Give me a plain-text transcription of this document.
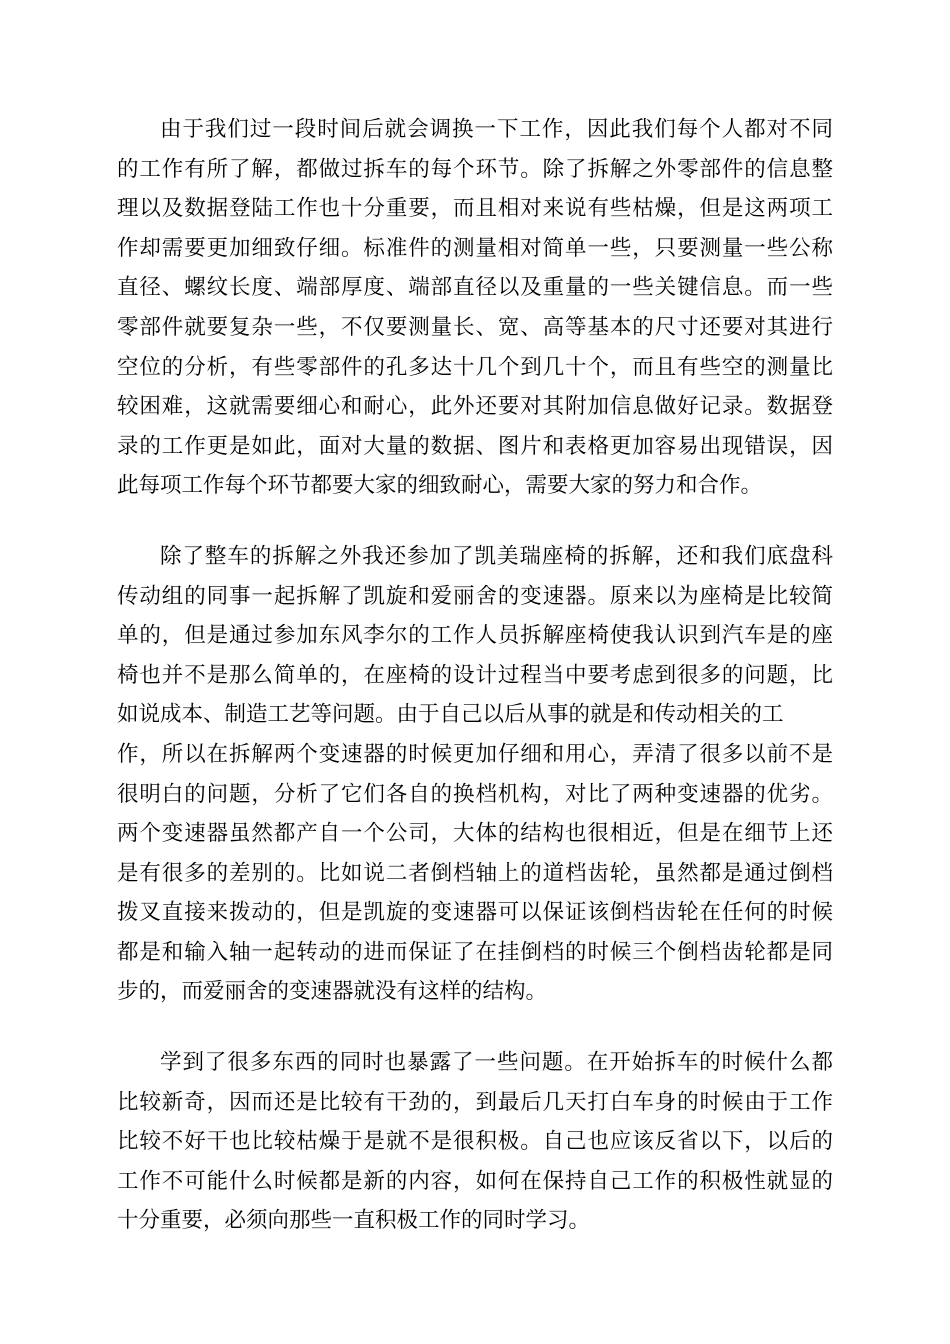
由于我们过一段时间后就会调换一下工作，因此我们每个人都对不同
的工作有所了解，都做过拆车的每个环节。除了拆解之外零部件的信息整
理以及数据登陆工作也十分重要，而且相对来说有些枯燥，但是这两项工
作却需要更加细致仔细。标准件的测量相对简单一些，只要测量一些公称
直径、螺纹长度、端部厚度、端部直径以及重量的一些关键信息。而一些
零部件就要复杂一些，不仅要测量长、宽、高等基本的尺寸还要对其进行
空位的分析，有些零部件的孔多达十几个到几十个，而且有些空的测量比
较困难，这就需要细心和耐心，此外还要对其附加信息做好记录。数据登
录的工作更是如此，面对大量的数据、图片和表格更加容易出现错误，因
此每项工作每个环节都要大家的细致耐心，需要大家的努力和合作。
除了整车的拆解之外我还参加了凯美瑞座椅的拆解，还和我们底盘科
传动组的同事一起拆解了凯旋和爱丽舍的变速器。原来以为座椅是比较简
单的，但是通过参加东风李尔的工作人员拆解座椅使我认识到汽车是的座
椅也并不是那么简单的，在座椅的设计过程当中要考虑到很多的问题，比
如说成本、制造工艺等问题。由于自己以后从事的就是和传动相关的工
作，所以在拆解两个变速器的时候更加仔细和用心，弄清了很多以前不是
很明白的问题，分析了它们各自的换档机构，对比了两种变速器的优劣。
两个变速器虽然都产自一个公司，大体的结构也很相近，但是在细节上还
是有很多的差别的。比如说二者倒档轴上的道档齿轮，虽然都是通过倒档
拨叉直接来拨动的，但是凯旋的变速器可以保证该倒档齿轮在任何的时候
都是和输入轴一起转动的进而保证了在挂倒档的时候三个倒档齿轮都是同
步的，而爱丽舍的变速器就没有这样的结构。
学到了很多东西的同时也暴露了一些问题。在开始拆车的时候什么都
比较新奇，因而还是比较有干劲的，到最后几天打白车身的时候由于工作
比较不好干也比较枯燥于是就不是很积极。自己也应该反省以下，以后的
工作不可能什么时候都是新的内容，如何在保持自己工作的积极性就显的
十分重要，必须向那些一直积极工作的同时学习。
